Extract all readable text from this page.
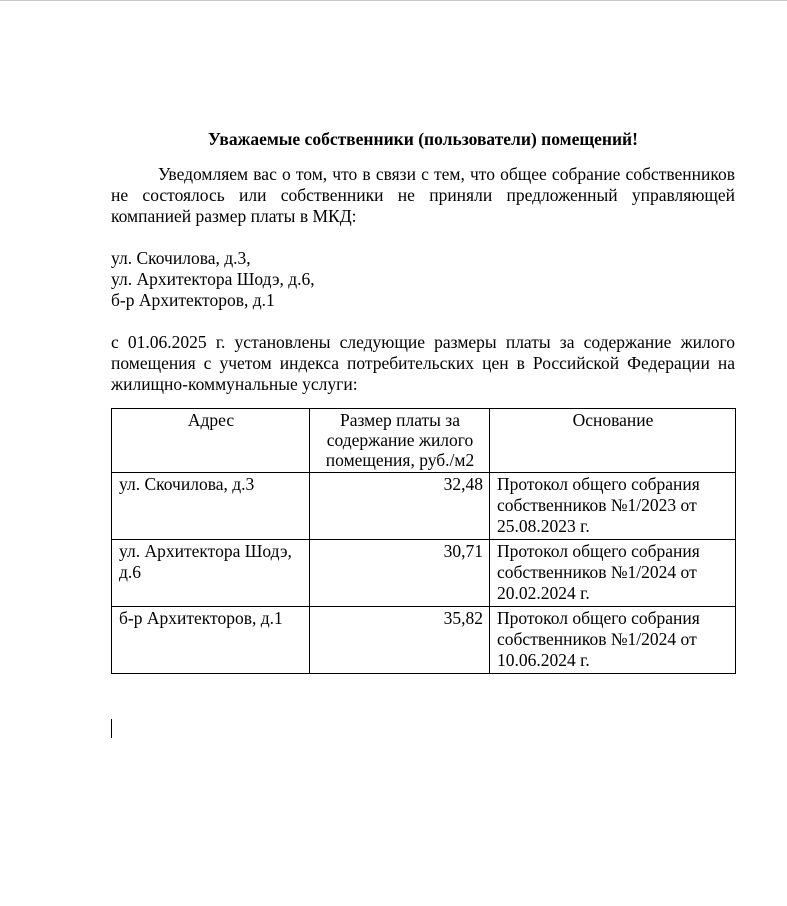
Уважаемые собственники (пользователи) помещений!

Уведомляем вас о том, что в связи с тем, что общее собрание собственников не состоялось или собственники не приняли предложенный управляющей компанией размер платы в МКД:

ул. Скочилова, д.3,
ул. Архитектора Шодэ, д.6,
б-р Архитекторов, д.1

с 01.06.2025 г. установлены следующие размеры платы за содержание жилого помещения с учетом индекса потребительских цен в Российской Федерации на жилищно-коммунальные услуги:

Адрес	Размер платы за содержание жилого помещения, руб./м2	Основание
ул. Скочилова, д.3	32,48	Протокол общего собрания собственников №1/2023 от 25.08.2023 г.
ул. Архитектора Шодэ, д.6	30,71	Протокол общего собрания собственников №1/2024 от 20.02.2024 г.
б-р Архитекторов, д.1	35,82	Протокол общего собрания собственников №1/2024 от 10.06.2024 г.
